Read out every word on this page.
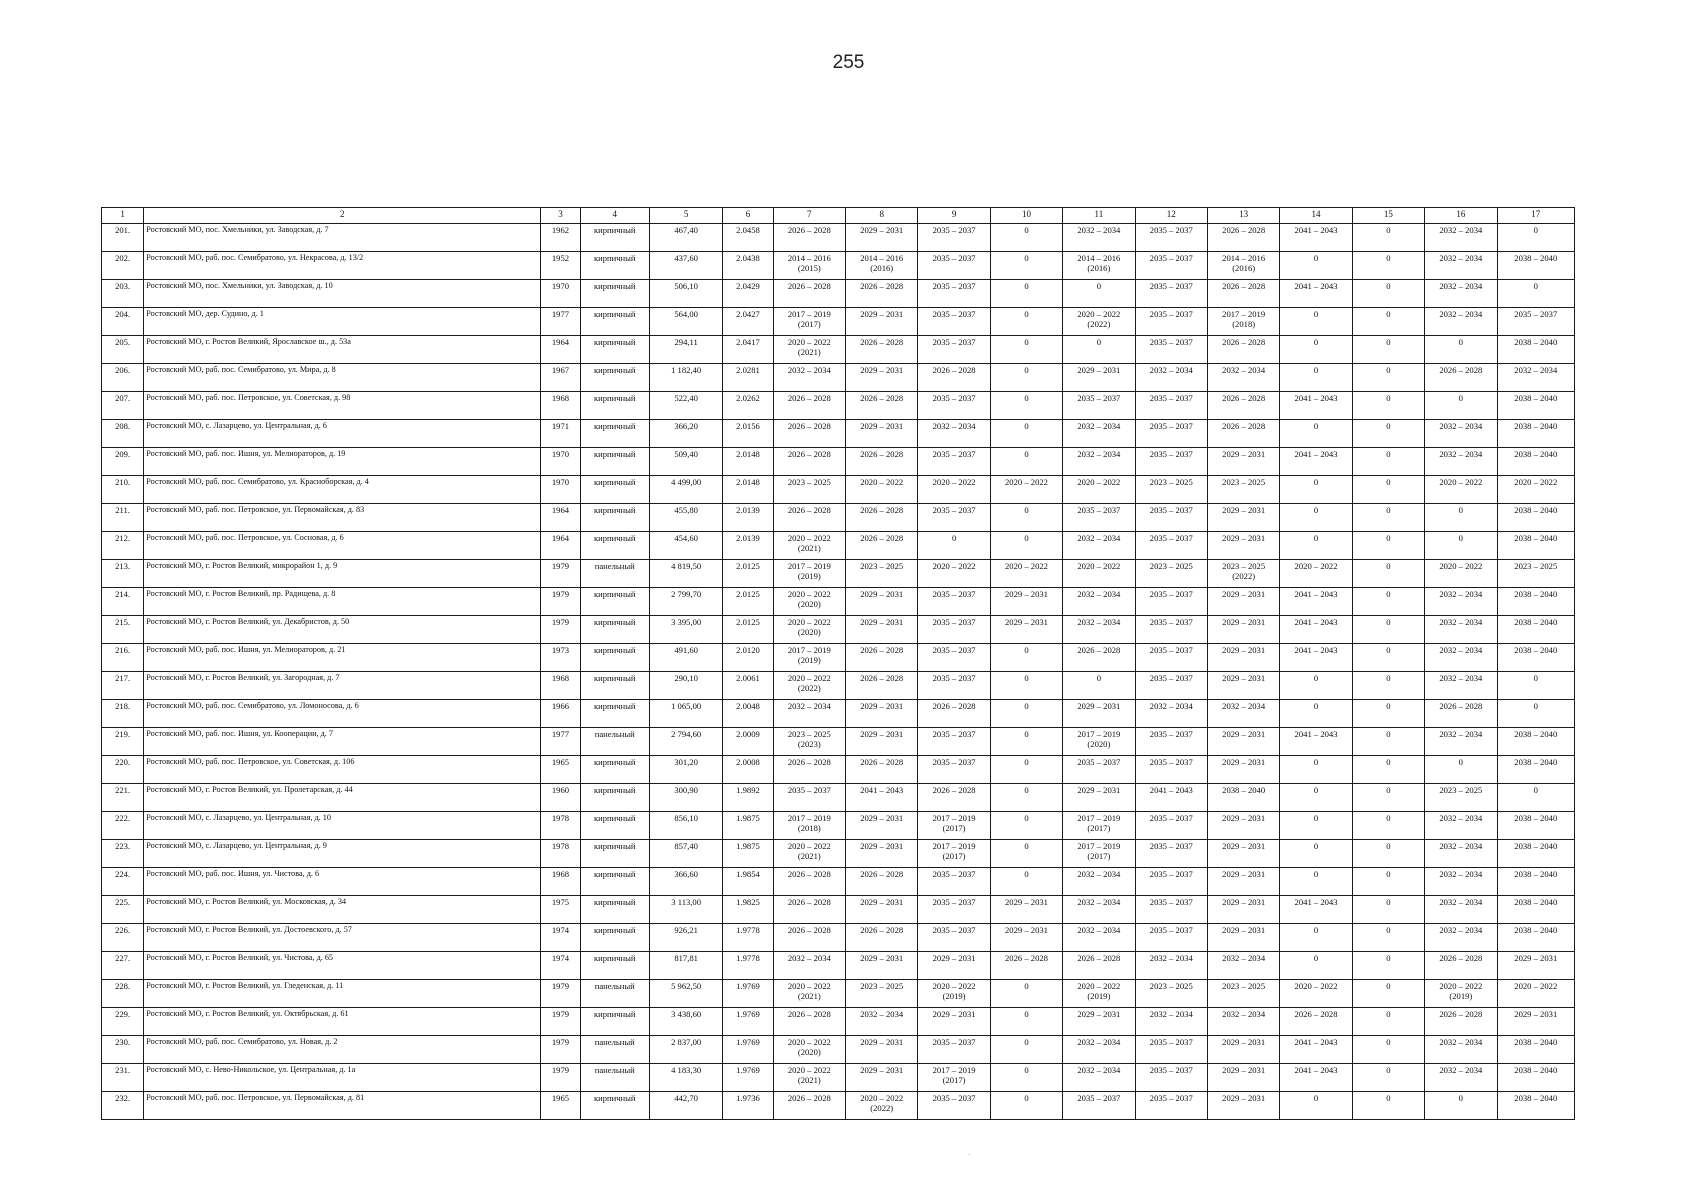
255
1	2	3	4	5	6	7	8	9	10	11	12	13	14	15	16	17
201.	Ростовский МО, пос. Хмельники, ул. Заводская, д. 7	1962	кирпичный	467,40	2.0458	2026 – 2028	2029 – 2031	2035 – 2037	0	2032 – 2034	2035 – 2037	2026 – 2028	2041 – 2043	0	2032 – 2034	0
202.	Ростовский МО, раб. пос. Семибратово, ул. Некрасова, д. 13/2	1952	кирпичный	437,60	2.0438	2014 – 2016
(2015)	2014 – 2016
(2016)	2035 – 2037	0	2014 – 2016
(2016)	2035 – 2037	2014 – 2016
(2016)	0	0	2032 – 2034	2038 – 2040
203.	Ростовский МО, пос. Хмельники, ул. Заводская, д. 10	1970	кирпичный	506,10	2.0429	2026 – 2028	2026 – 2028	2035 – 2037	0	0	2035 – 2037	2026 – 2028	2041 – 2043	0	2032 – 2034	0
204.	Ростовский МО, дер. Судино, д. 1	1977	кирпичный	564,00	2.0427	2017 – 2019
(2017)	2029 – 2031	2035 – 2037	0	2020 – 2022
(2022)	2035 – 2037	2017 – 2019
(2018)	0	0	2032 – 2034	2035 – 2037
205.	Ростовский МО, г. Ростов Великий, Ярославское ш., д. 53а	1964	кирпичный	294,11	2.0417	2020 – 2022
(2021)	2026 – 2028	2035 – 2037	0	0	2035 – 2037	2026 – 2028	0	0	0	2038 – 2040
206.	Ростовский МО, раб. пос. Семибратово, ул. Мира, д. 8	1967	кирпичный	1 182,40	2.0281	2032 – 2034	2029 – 2031	2026 – 2028	0	2029 – 2031	2032 – 2034	2032 – 2034	0	0	2026 – 2028	2032 – 2034
207.	Ростовский МО, раб. пос. Петровское, ул. Советская, д. 98	1968	кирпичный	522,40	2.0262	2026 – 2028	2026 – 2028	2035 – 2037	0	2035 – 2037	2035 – 2037	2026 – 2028	2041 – 2043	0	0	2038 – 2040
208.	Ростовский МО, с. Лазарцево, ул. Центральная, д. 6	1971	кирпичный	366,20	2.0156	2026 – 2028	2029 – 2031	2032 – 2034	0	2032 – 2034	2035 – 2037	2026 – 2028	0	0	2032 – 2034	2038 – 2040
209.	Ростовский МО, раб. пос. Ишня, ул. Мелиораторов, д. 19	1970	кирпичный	509,40	2.0148	2026 – 2028	2026 – 2028	2035 – 2037	0	2032 – 2034	2035 – 2037	2029 – 2031	2041 – 2043	0	2032 – 2034	2038 – 2040
210.	Ростовский МО, раб. пос. Семибратово, ул. Красноборская, д. 4	1970	кирпичный	4 499,00	2.0148	2023 – 2025	2020 – 2022	2020 – 2022	2020 – 2022	2020 – 2022	2023 – 2025	2023 – 2025	0	0	2020 – 2022	2020 – 2022
211.	Ростовский МО, раб. пос. Петровское, ул. Первомайская, д. 83	1964	кирпичный	455,80	2.0139	2026 – 2028	2026 – 2028	2035 – 2037	0	2035 – 2037	2035 – 2037	2029 – 2031	0	0	0	2038 – 2040
212.	Ростовский МО, раб. пос. Петровское, ул. Сосновая, д. 6	1964	кирпичный	454,60	2.0139	2020 – 2022
(2021)	2026 – 2028	0	0	2032 – 2034	2035 – 2037	2029 – 2031	0	0	0	2038 – 2040
213.	Ростовский МО, г. Ростов Великий, микрорайон 1, д. 9	1979	панельный	4 819,50	2.0125	2017 – 2019
(2019)	2023 – 2025	2020 – 2022	2020 – 2022	2020 – 2022	2023 – 2025	2023 – 2025
(2022)	2020 – 2022	0	2020 – 2022	2023 – 2025
214.	Ростовский МО, г. Ростов Великий, пр. Радищева, д. 8	1979	кирпичный	2 799,70	2.0125	2020 – 2022
(2020)	2029 – 2031	2035 – 2037	2029 – 2031	2032 – 2034	2035 – 2037	2029 – 2031	2041 – 2043	0	2032 – 2034	2038 – 2040
215.	Ростовский МО, г. Ростов Великий, ул. Декабристов, д. 50	1979	кирпичный	3 395,00	2.0125	2020 – 2022
(2020)	2029 – 2031	2035 – 2037	2029 – 2031	2032 – 2034	2035 – 2037	2029 – 2031	2041 – 2043	0	2032 – 2034	2038 – 2040
216.	Ростовский МО, раб. пос. Ишня, ул. Мелиораторов, д. 21	1973	кирпичный	491,60	2.0120	2017 – 2019
(2019)	2026 – 2028	2035 – 2037	0	2026 – 2028	2035 – 2037	2029 – 2031	2041 – 2043	0	2032 – 2034	2038 – 2040
217.	Ростовский МО, г. Ростов Великий, ул. Загородная, д. 7	1968	кирпичный	290,10	2.0061	2020 – 2022
(2022)	2026 – 2028	2035 – 2037	0	0	2035 – 2037	2029 – 2031	0	0	2032 – 2034	0
218.	Ростовский МО, раб. пос. Семибратово, ул. Ломоносова, д. 6	1966	кирпичный	1 065,00	2.0048	2032 – 2034	2029 – 2031	2026 – 2028	0	2029 – 2031	2032 – 2034	2032 – 2034	0	0	2026 – 2028	0
219.	Ростовский МО, раб. пос. Ишня, ул. Кооперации, д. 7	1977	панельный	2 794,60	2.0009	2023 – 2025
(2023)	2029 – 2031	2035 – 2037	0	2017 – 2019
(2020)	2035 – 2037	2029 – 2031	2041 – 2043	0	2032 – 2034	2038 – 2040
220.	Ростовский МО, раб. пос. Петровское, ул. Советская, д. 106	1965	кирпичный	301,20	2.0008	2026 – 2028	2026 – 2028	2035 – 2037	0	2035 – 2037	2035 – 2037	2029 – 2031	0	0	0	2038 – 2040
221.	Ростовский МО, г. Ростов Великий, ул. Пролетарская, д. 44	1960	кирпичный	300,90	1.9892	2035 – 2037	2041 – 2043	2026 – 2028	0	2029 – 2031	2041 – 2043	2038 – 2040	0	0	2023 – 2025	0
222.	Ростовский МО, с. Лазарцево, ул. Центральная, д. 10	1978	кирпичный	856,10	1.9875	2017 – 2019
(2018)	2029 – 2031	2017 – 2019
(2017)	0	2017 – 2019
(2017)	2035 – 2037	2029 – 2031	0	0	2032 – 2034	2038 – 2040
223.	Ростовский МО, с. Лазарцево, ул. Центральная, д. 9	1978	кирпичный	857,40	1.9875	2020 – 2022
(2021)	2029 – 2031	2017 – 2019
(2017)	0	2017 – 2019
(2017)	2035 – 2037	2029 – 2031	0	0	2032 – 2034	2038 – 2040
224.	Ростовский МО, раб. пос. Ишня, ул. Чистова, д. 6	1968	кирпичный	366,60	1.9854	2026 – 2028	2026 – 2028	2035 – 2037	0	2032 – 2034	2035 – 2037	2029 – 2031	0	0	2032 – 2034	2038 – 2040
225.	Ростовский МО, г. Ростов Великий, ул. Московская, д. 34	1975	кирпичный	3 113,00	1.9825	2026 – 2028	2029 – 2031	2035 – 2037	2029 – 2031	2032 – 2034	2035 – 2037	2029 – 2031	2041 – 2043	0	2032 – 2034	2038 – 2040
226.	Ростовский МО, г. Ростов Великий, ул. Достоевского, д. 57	1974	кирпичный	926,21	1.9778	2026 – 2028	2026 – 2028	2035 – 2037	2029 – 2031	2032 – 2034	2035 – 2037	2029 – 2031	0	0	2032 – 2034	2038 – 2040
227.	Ростовский МО, г. Ростов Великий, ул. Чистова, д. 65	1974	кирпичный	817,81	1.9778	2032 – 2034	2029 – 2031	2029 – 2031	2026 – 2028	2026 – 2028	2032 – 2034	2032 – 2034	0	0	2026 – 2028	2029 – 2031
228.	Ростовский МО, г. Ростов Великий, ул. Гледенская, д. 11	1979	панельный	5 962,50	1.9769	2020 – 2022
(2021)	2023 – 2025	2020 – 2022
(2019)	0	2020 – 2022
(2019)	2023 – 2025	2023 – 2025	2020 – 2022	0	2020 – 2022
(2019)	2020 – 2022
229.	Ростовский МО, г. Ростов Великий, ул. Октябрьская, д. 61	1979	кирпичный	3 438,60	1.9769	2026 – 2028	2032 – 2034	2029 – 2031	0	2029 – 2031	2032 – 2034	2032 – 2034	2026 – 2028	0	2026 – 2028	2029 – 2031
230.	Ростовский МО, раб. пос. Семибратово, ул. Новая, д. 2	1979	панельный	2 837,00	1.9769	2020 – 2022
(2020)	2029 – 2031	2035 – 2037	0	2032 – 2034	2035 – 2037	2029 – 2031	2041 – 2043	0	2032 – 2034	2038 – 2040
231.	Ростовский МО, с. Нево-Никольское, ул. Центральная, д. 1а	1979	панельный	4 183,30	1.9769	2020 – 2022
(2021)	2029 – 2031	2017 – 2019
(2017)	0	2032 – 2034	2035 – 2037	2029 – 2031	2041 – 2043	0	2032 – 2034	2038 – 2040
232.	Ростовский МО, раб. пос. Петровское, ул. Первомайская, д. 81	1965	кирпичный	442,70	1.9736	2026 – 2028	2020 – 2022
(2022)	2035 – 2037	0	2035 – 2037	2035 – 2037	2029 – 2031	0	0	0	2038 – 2040
.
